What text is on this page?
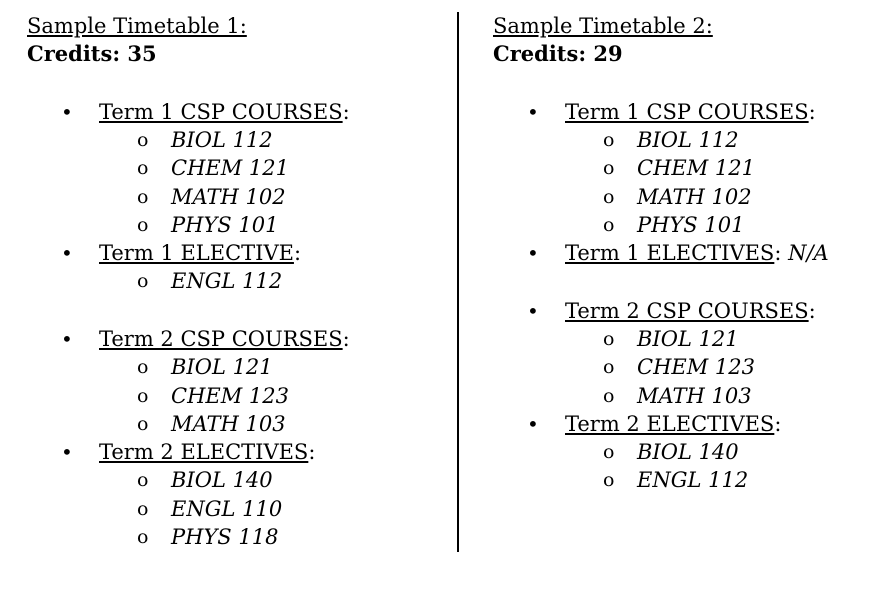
Sample Timetable 1:
Credits: 35
• Term 1 CSP COURSES:
o BIOL 112
o CHEM 121
o MATH 102
o PHYS 101
• Term 1 ELECTIVE:
o ENGL 112
• Term 2 CSP COURSES:
o BIOL 121
o CHEM 123
o MATH 103
• Term 2 ELECTIVES:
o BIOL 140
o ENGL 110
o PHYS 118
Sample Timetable 2:
Credits: 29
• Term 1 CSP COURSES:
o BIOL 112
o CHEM 121
o MATH 102
o PHYS 101
• Term 1 ELECTIVES: N/A
• Term 2 CSP COURSES:
o BIOL 121
o CHEM 123
o MATH 103
• Term 2 ELECTIVES:
o BIOL 140
o ENGL 112
